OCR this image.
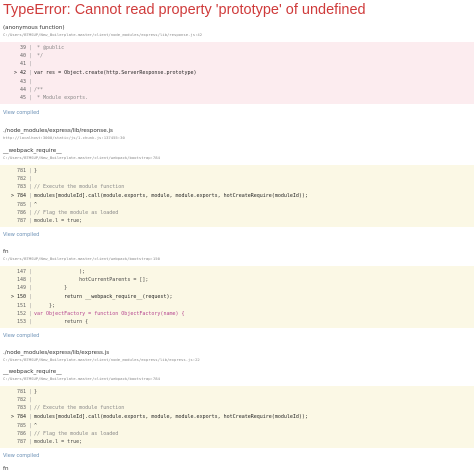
TypeError: Cannot read property 'prototype' of undefined
(anonymous function)
C:/Users/BTMSUP/New_Boilerplate-master/client/node_modules/express/lib/response.js:42
39 | * @public
40 | */
41 |
> 42 | var res = Object.create(http.ServerResponse.prototype)
43 |
44 | /**
45 | * Module exports.
View compiled
./node_modules/express/lib/response.js
http://localhost:3000/static/js/1.chunk.js:137455:30
__webpack_require__
C:/Users/BTMSUP/New_Boilerplate-master/client/webpack/bootstrap:784
781 | }
782 |
783 | // Execute the module function
> 784 | modules[moduleId].call(module.exports, module, module.exports, hotCreateRequire(moduleId));
785 | ^
786 | // Flag the module as loaded
787 | module.l = true;
View compiled
fn
C:/Users/BTMSUP/New_Boilerplate-master/client/webpack/bootstrap:150
147 | );
148 | hotCurrentParents = [];
149 | }
> 150 | return __webpack_require__(request);
151 | };
152 | var ObjectFactory = function ObjectFactory(name) {
153 | return {
View compiled
./node_modules/express/lib/express.js
C:/Users/BTMSUP/New_Boilerplate-master/client/node_modules/express/lib/express.js:22
__webpack_require__
C:/Users/BTMSUP/New_Boilerplate-master/client/webpack/bootstrap:784
781 | }
782 |
783 | // Execute the module function
> 784 | modules[moduleId].call(module.exports, module, module.exports, hotCreateRequire(moduleId));
785 | ^
786 | // Flag the module as loaded
787 | module.l = true;
View compiled
fn
